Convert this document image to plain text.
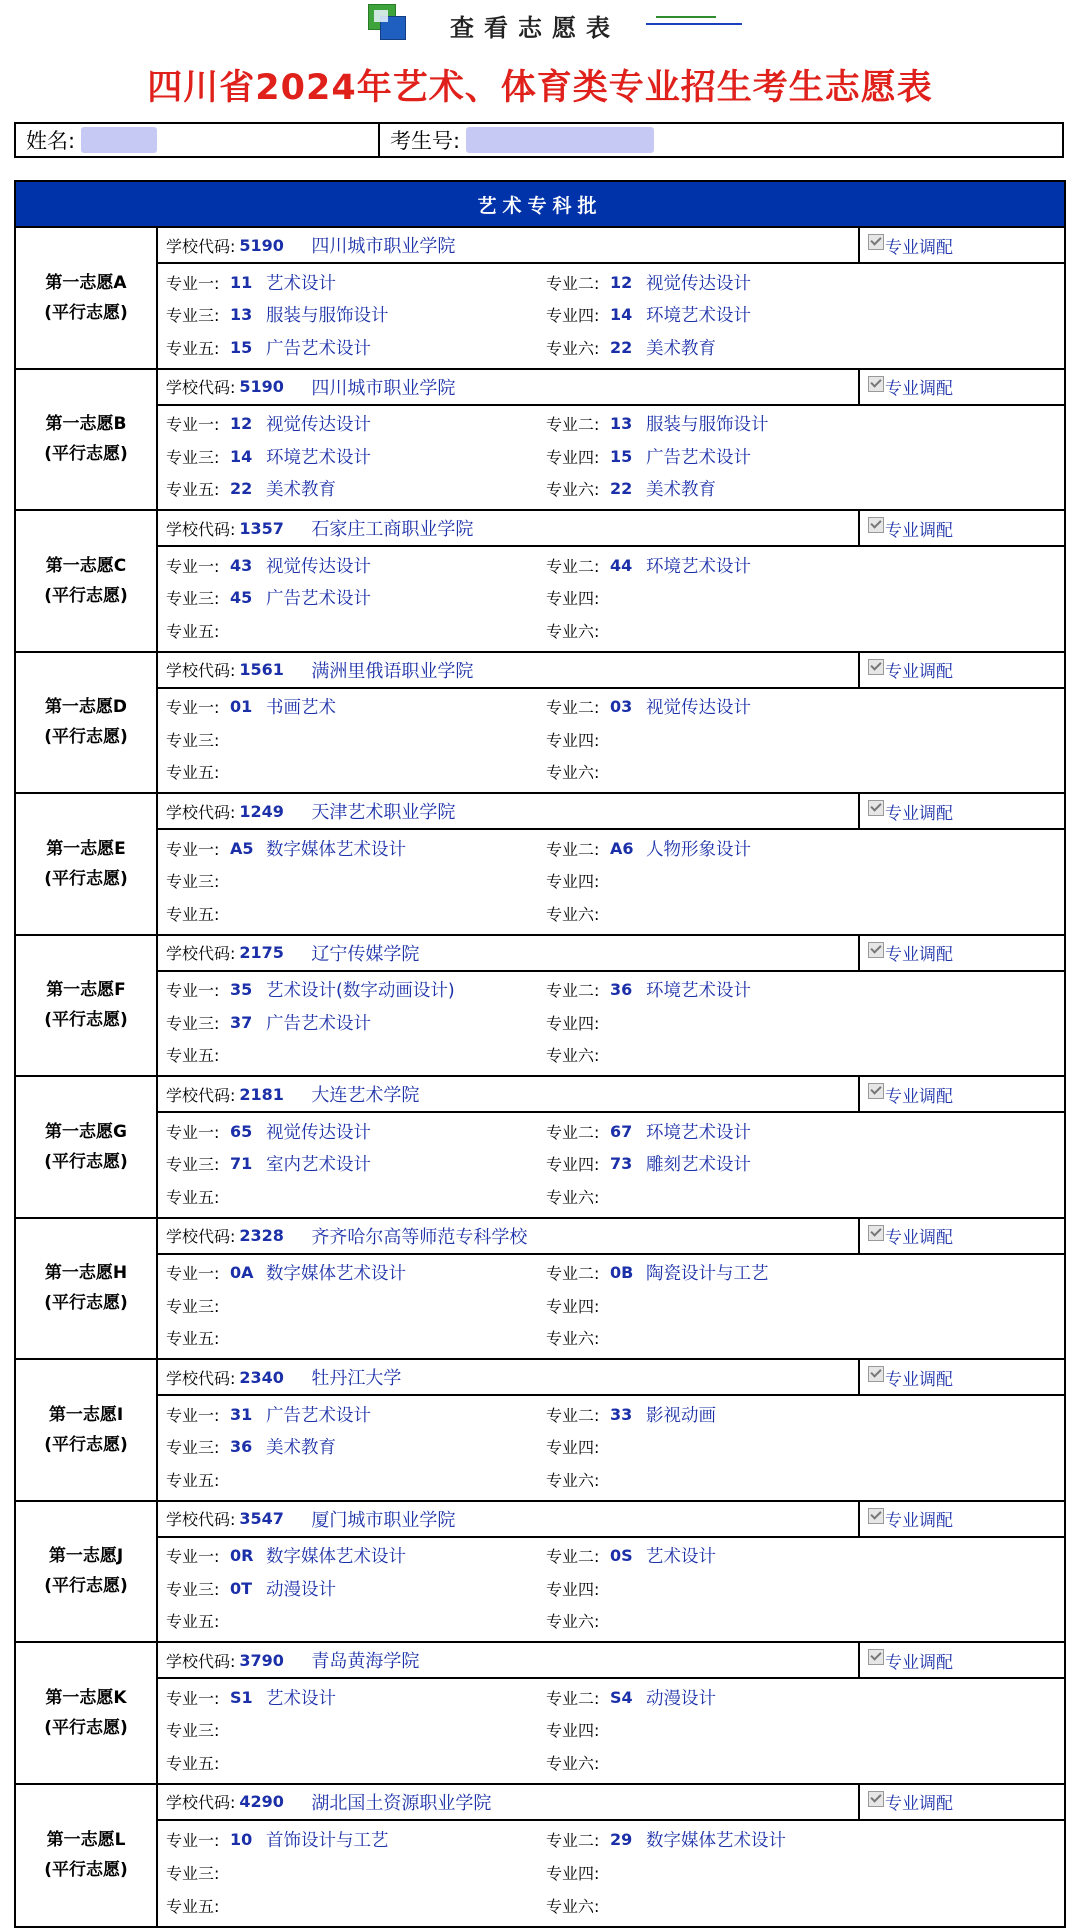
查看志愿表
四川省2024年艺术、体育类专业招生考生志愿表
姓名:	考生号:
艺术专科批
第一志愿A
(平行志愿)
学校代码: 5190	四川城市职业学院	专业调配
专业一: 11 艺术设计	专业二: 12 视觉传达设计
专业三: 13 服装与服饰设计	专业四: 14 环境艺术设计
专业五: 15 广告艺术设计	专业六: 22 美术教育
第一志愿B
(平行志愿)
学校代码: 5190	四川城市职业学院	专业调配
专业一: 12 视觉传达设计	专业二: 13 服装与服饰设计
专业三: 14 环境艺术设计	专业四: 15 广告艺术设计
专业五: 22 美术教育	专业六: 22 美术教育
第一志愿C
(平行志愿)
学校代码: 1357	石家庄工商职业学院	专业调配
专业一: 43 视觉传达设计	专业二: 44 环境艺术设计
专业三: 45 广告艺术设计	专业四:
专业五:	专业六:
第一志愿D
(平行志愿)
学校代码: 1561	满洲里俄语职业学院	专业调配
专业一: 01 书画艺术	专业二: 03 视觉传达设计
专业三:	专业四:
专业五:	专业六:
第一志愿E
(平行志愿)
学校代码: 1249	天津艺术职业学院	专业调配
专业一: A5 数字媒体艺术设计	专业二: A6 人物形象设计
专业三:	专业四:
专业五:	专业六:
第一志愿F
(平行志愿)
学校代码: 2175	辽宁传媒学院	专业调配
专业一: 35 艺术设计(数字动画设计)	专业二: 36 环境艺术设计
专业三: 37 广告艺术设计	专业四:
专业五:	专业六:
第一志愿G
(平行志愿)
学校代码: 2181	大连艺术学院	专业调配
专业一: 65 视觉传达设计	专业二: 67 环境艺术设计
专业三: 71 室内艺术设计	专业四: 73 雕刻艺术设计
专业五:	专业六:
第一志愿H
(平行志愿)
学校代码: 2328	齐齐哈尔高等师范专科学校	专业调配
专业一: 0A 数字媒体艺术设计	专业二: 0B 陶瓷设计与工艺
专业三:	专业四:
专业五:	专业六:
第一志愿I
(平行志愿)
学校代码: 2340	牡丹江大学	专业调配
专业一: 31 广告艺术设计	专业二: 33 影视动画
专业三: 36 美术教育	专业四:
专业五:	专业六:
第一志愿J
(平行志愿)
学校代码: 3547	厦门城市职业学院	专业调配
专业一: 0R 数字媒体艺术设计	专业二: 0S 艺术设计
专业三: 0T 动漫设计	专业四:
专业五:	专业六:
第一志愿K
(平行志愿)
学校代码: 3790	青岛黄海学院	专业调配
专业一: S1 艺术设计	专业二: S4 动漫设计
专业三:	专业四:
专业五:	专业六:
第一志愿L
(平行志愿)
学校代码: 4290	湖北国土资源职业学院	专业调配
专业一: 10 首饰设计与工艺	专业二: 29 数字媒体艺术设计
专业三:	专业四:
专业五:	专业六:
